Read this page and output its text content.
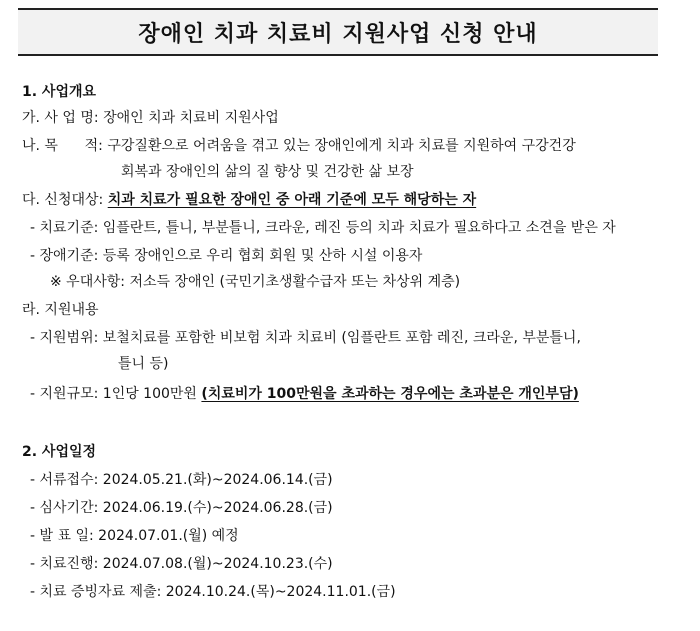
장애인 치과 치료비 지원사업 신청 안내
1. 사업개요
가. 사 업 명: 장애인 치과 치료비 지원사업
나. 목      적: 구강질환으로 어려움을 겪고 있는 장애인에게 치과 치료를 지원하여 구강건강
회복과 장애인의 삶의 질 향상 및 건강한 삶 보장
다. 신청대상: 치과 치료가 필요한 장애인 중 아래 기준에 모두 해당하는 자
- 치료기준: 임플란트, 틀니, 부분틀니, 크라운, 레진 등의 치과 치료가 필요하다고 소견을 받은 자
- 장애기준: 등록 장애인으로 우리 협회 회원 및 산하 시설 이용자
※ 우대사항: 저소득 장애인 (국민기초생활수급자 또는 차상위 계층)
라. 지원내용
- 지원범위: 보철치료를 포함한 비보험 치과 치료비 (임플란트 포함 레진, 크라운, 부분틀니,
틀니 등)
- 지원규모: 1인당 100만원 (치료비가 100만원을 초과하는 경우에는 초과분은 개인부담)
2. 사업일정
- 서류접수: 2024.05.21.(화)~2024.06.14.(금)
- 심사기간: 2024.06.19.(수)~2024.06.28.(금)
- 발 표 일: 2024.07.01.(월) 예정
- 치료진행: 2024.07.08.(월)~2024.10.23.(수)
- 치료 증빙자료 제출: 2024.10.24.(목)~2024.11.01.(금)
